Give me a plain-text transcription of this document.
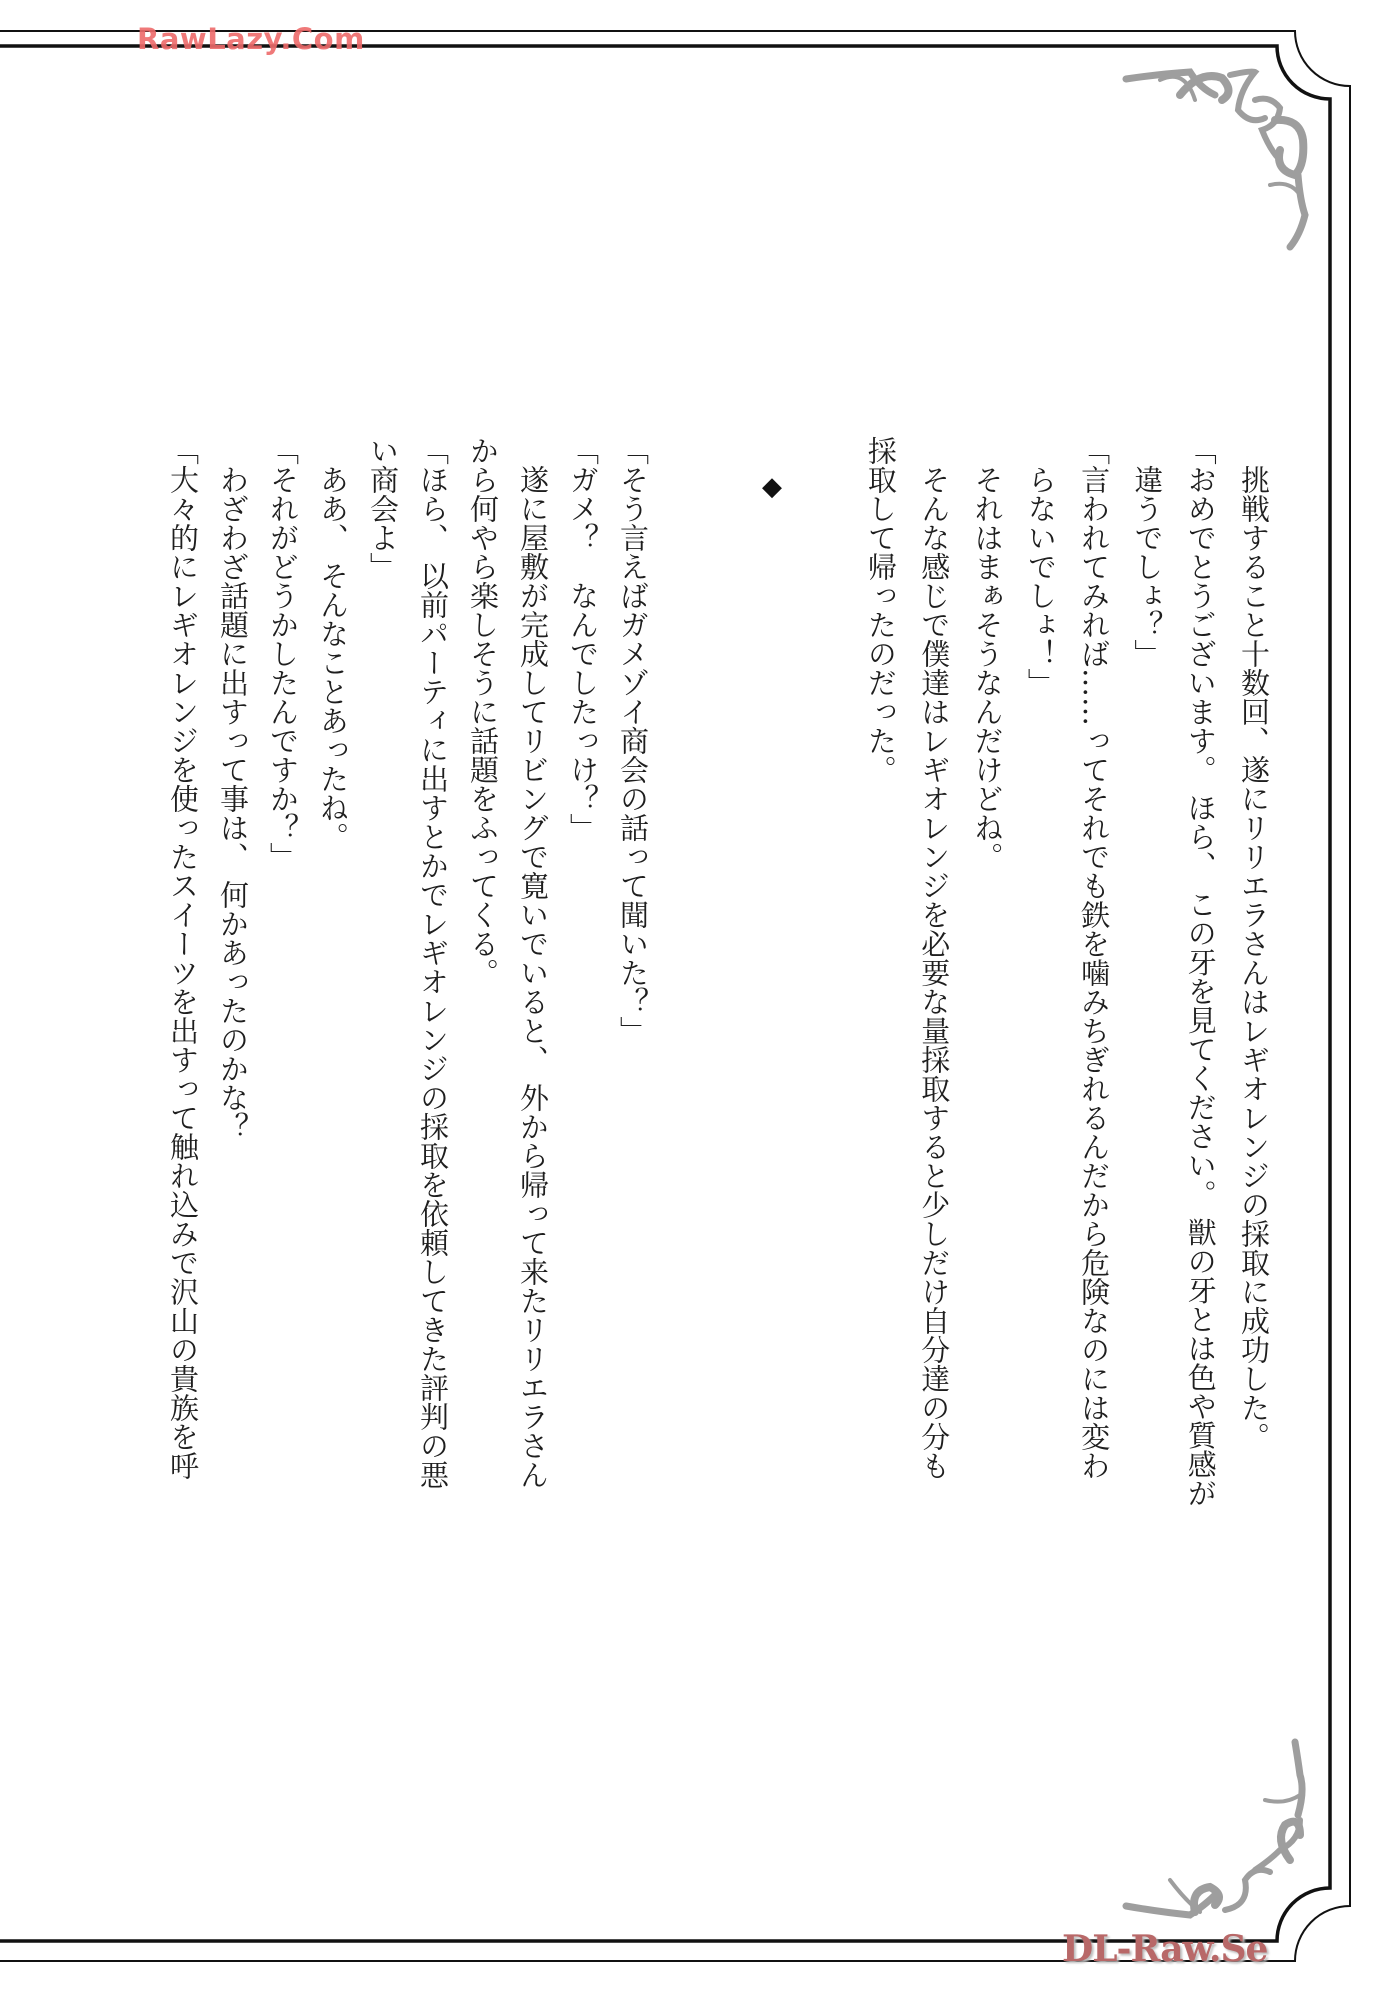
RawLazy.Com
　挑戦すること十数回、遂にリリエラさんはレギオレンジの採取に成功した。
「おめでとうございます。 ほら、 この牙を見てください。 獣の牙とは色や質感が
　違うでしょ？」
「言われてみれば……ってそれでも鉄を噛みちぎれるんだから危険なのには変わ
　らないでしょ！」
　それはまぁそうなんだけどね。
　そんな感じで僕達はレギオレンジを必要な量採取すると少しだけ自分達の分も
採取して帰ったのだった。
◆
「そう言えばガメゾイ商会の話って聞いた？」
「ガメ？　なんでしたっけ？」
　遂に屋敷が完成してリビングで寛いでいると、 外から帰って来たリリエラさん
から何やら楽しそうに話題をふってくる。
「ほら、 以前パーティに出すとかでレギオレンジの採取を依頼してきた評判の悪
い商会よ」
　ああ、 そんなことあったね。
「それがどうかしたんですか？」
　わざわざ話題に出すって事は、 何かあったのかな？
「大々的にレギオレンジを使ったスイーツを出すって触れ込みで沢山の貴族を呼
DL-Raw.Se
